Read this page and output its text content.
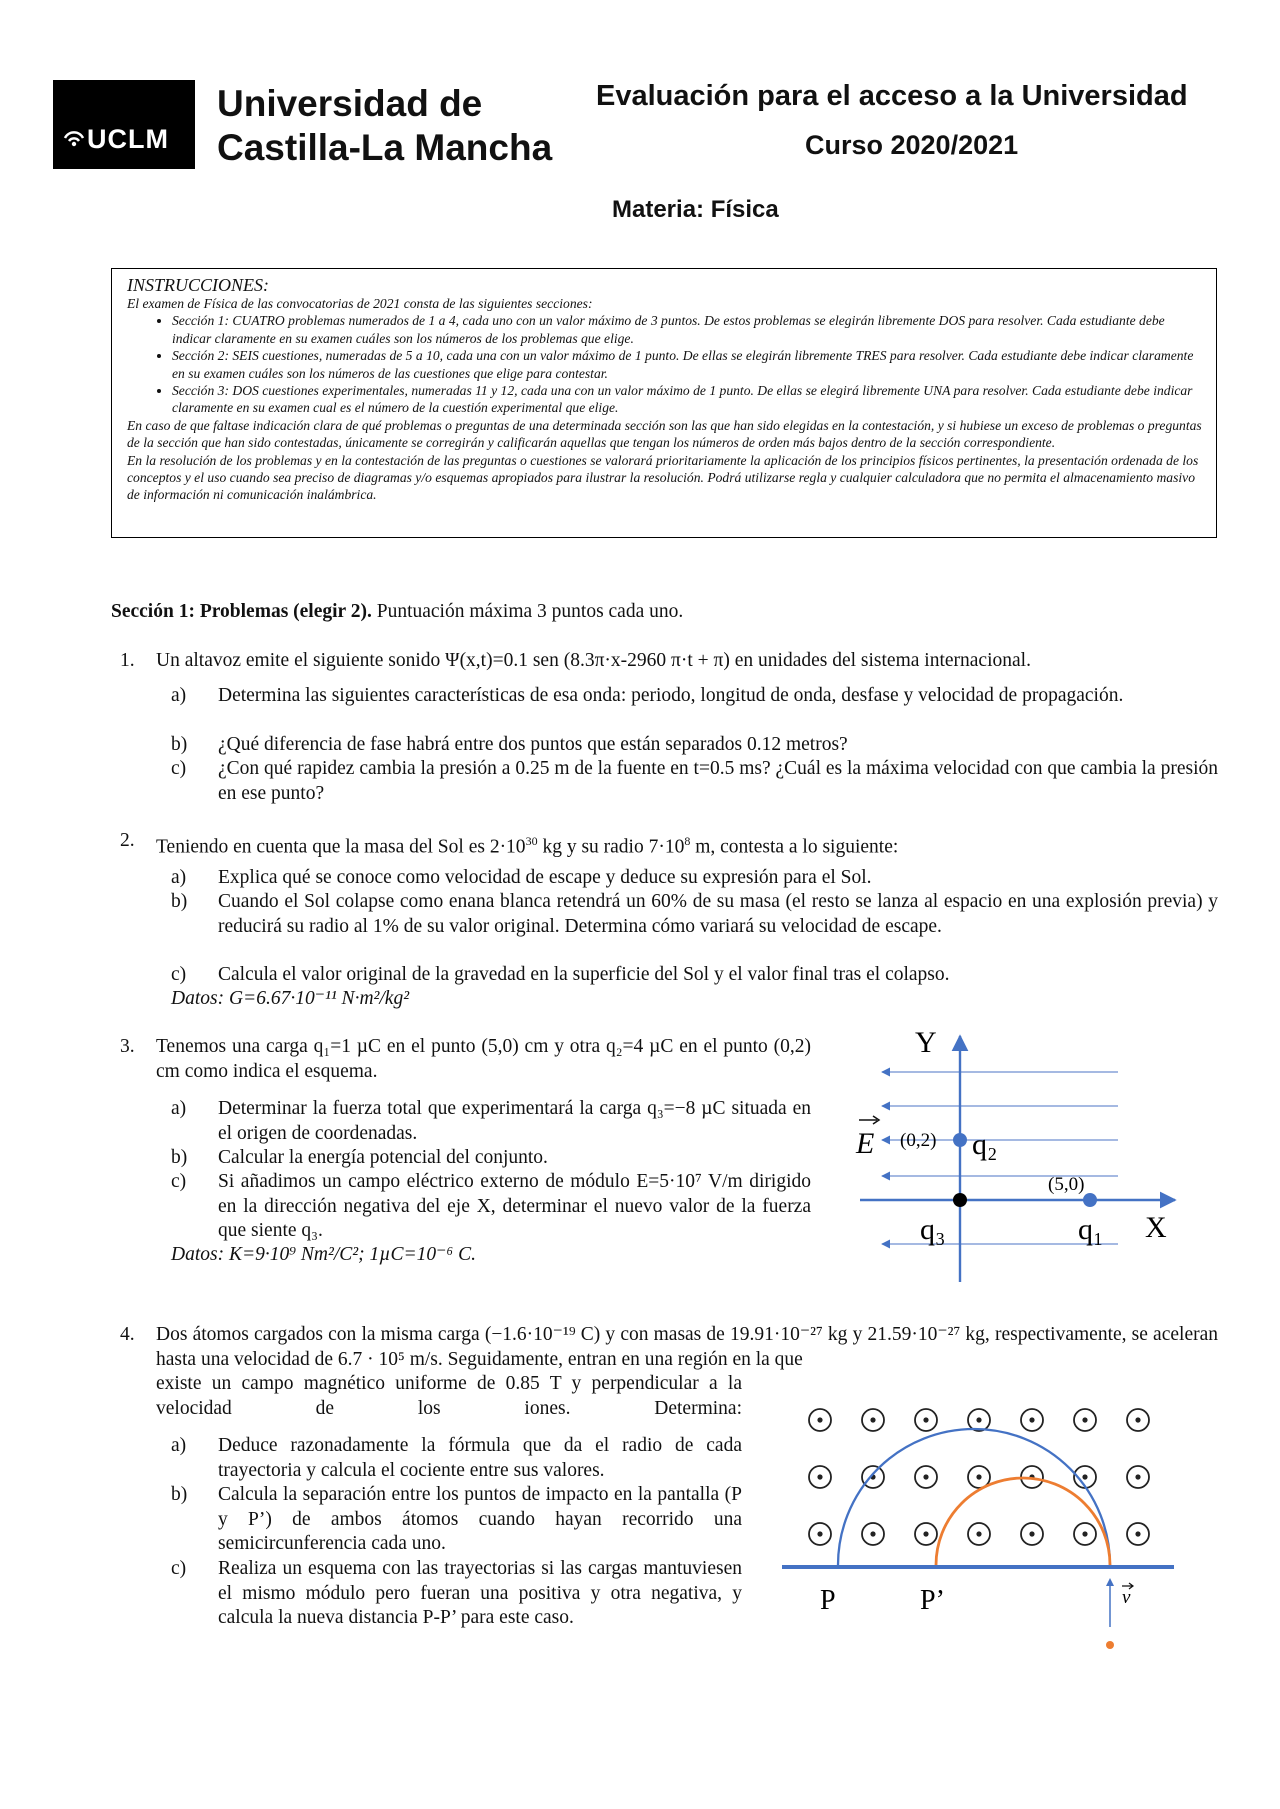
UCLM
Universidad de
Castilla-La Mancha
Evaluación para el acceso a la Universidad
Curso 2020/2021
Materia: Física
INSTRUCCIONES:

El examen de Física de las convocatorias de 2021 consta de las siguientes secciones:

• Sección 1: CUATRO problemas numerados de 1 a 4, cada uno con un valor máximo de 3 puntos. De estos problemas se elegirán libremente DOS para resolver. Cada estudiante debe indicar claramente en su examen cuáles son los números de los problemas que elige.
• Sección 2: SEIS cuestiones, numeradas de 5 a 10, cada una con un valor máximo de 1 punto. De ellas se elegirán libremente TRES para resolver. Cada estudiante debe indicar claramente en su examen cuáles son los números de las cuestiones que elige para contestar.
• Sección 3: DOS cuestiones experimentales, numeradas 11 y 12, cada una con un valor máximo de 1 punto. De ellas se elegirá libremente UNA para resolver. Cada estudiante debe indicar claramente en su examen cual es el número de la cuestión experimental que elige.

En caso de que faltase indicación clara de qué problemas o preguntas de una determinada sección son las que han sido elegidas en la contestación, y si hubiese un exceso de problemas o preguntas de la sección que han sido contestadas, únicamente se corregirán y calificarán aquellas que tengan los números de orden más bajos dentro de la sección correspondiente.

En la resolución de los problemas y en la contestación de las preguntas o cuestiones se valorará prioritariamente la aplicación de los principios físicos pertinentes, la presentación ordenada de los conceptos y el uso cuando sea preciso de diagramas y/o esquemas apropiados para ilustrar la resolución. Podrá utilizarse regla y cualquier calculadora que no permita el almacenamiento masivo de información ni comunicación inalámbrica.

Sección 1: Problemas (elegir 2). Puntuación máxima 3 puntos cada uno.
1. Un altavoz emite el siguiente sonido Ψ(x,t)=0.1 sen (8.3π·x-2960 π·t + π) en unidades del sistema internacional.
a) Determina las siguientes características de esa onda: periodo, longitud de onda, desfase y velocidad de propagación.
b) ¿Qué diferencia de fase habrá entre dos puntos que están separados 0.12 metros?
c) ¿Con qué rapidez cambia la presión a 0.25 m de la fuente en t=0.5 ms? ¿Cuál es la máxima velocidad con que cambia la presión en ese punto?
2. Teniendo en cuenta que la masa del Sol es $2\cdot 10^{30}$ kg y su radio $7\cdot 10^8$ m, contesta a lo siguiente:
a) Explica qué se conoce como velocidad de escape y deduce su expresión para el Sol.
b) Cuando el Sol colapse como enana blanca retendrá un 60% de su masa (el resto se lanza al espacio en una explosión previa) y reducirá su radio al 1% de su valor original. Determina cómo variará su velocidad de escape.
c) Calcula el valor original de la gravedad en la superficie del Sol y el valor final tras el colapso.
Datos: G=6.67·10⁻¹¹ N·m²/kg²
3. Tenemos una carga q₁=1 µC en el punto (5,0) cm y otra q₂=4 µC en el punto (0,2) cm como indica el esquema.
a) Determinar la fuerza total que experimentará la carga q₃=−8 µC situada en el origen de coordenadas.
b) Calcular la energía potencial del conjunto.
c) Si añadimos un campo eléctrico externo de módulo E=5·10⁷ V/m dirigido en la dirección negativa del eje X, determinar el nuevo valor de la fuerza que siente q₃.
Datos: K=9·10⁹ Nm²/C²; 1µC=10⁻⁶ C.
Y
X
E (0,2) q₂
(5,0)
q₁
q₃
4. Dos átomos cargados con la misma carga (−1.6·10⁻¹⁹ C) y con masas de 19.91·10⁻²⁷ kg y 21.59·10⁻²⁷ kg, respectivamente, se aceleran hasta una velocidad de 6.7 · 10⁵ m/s. Seguidamente, entran en una región en la que
existe un campo magnético uniforme de 0.85 T y perpendicular a la velocidad de los iones. Determina:
a) Deduce razonadamente la fórmula que da el radio de cada trayectoria y calcula el cociente entre sus valores.
b) Calcula la separación entre los puntos de impacto en la pantalla (P y P’) de ambos átomos cuando hayan recorrido una semicircunferencia cada uno.
c) Realiza un esquema con las trayectorias si las cargas mantuviesen el mismo módulo pero fueran una positiva y otra negativa, y calcula la nueva distancia P-P’ para este caso.
P	P’	v
